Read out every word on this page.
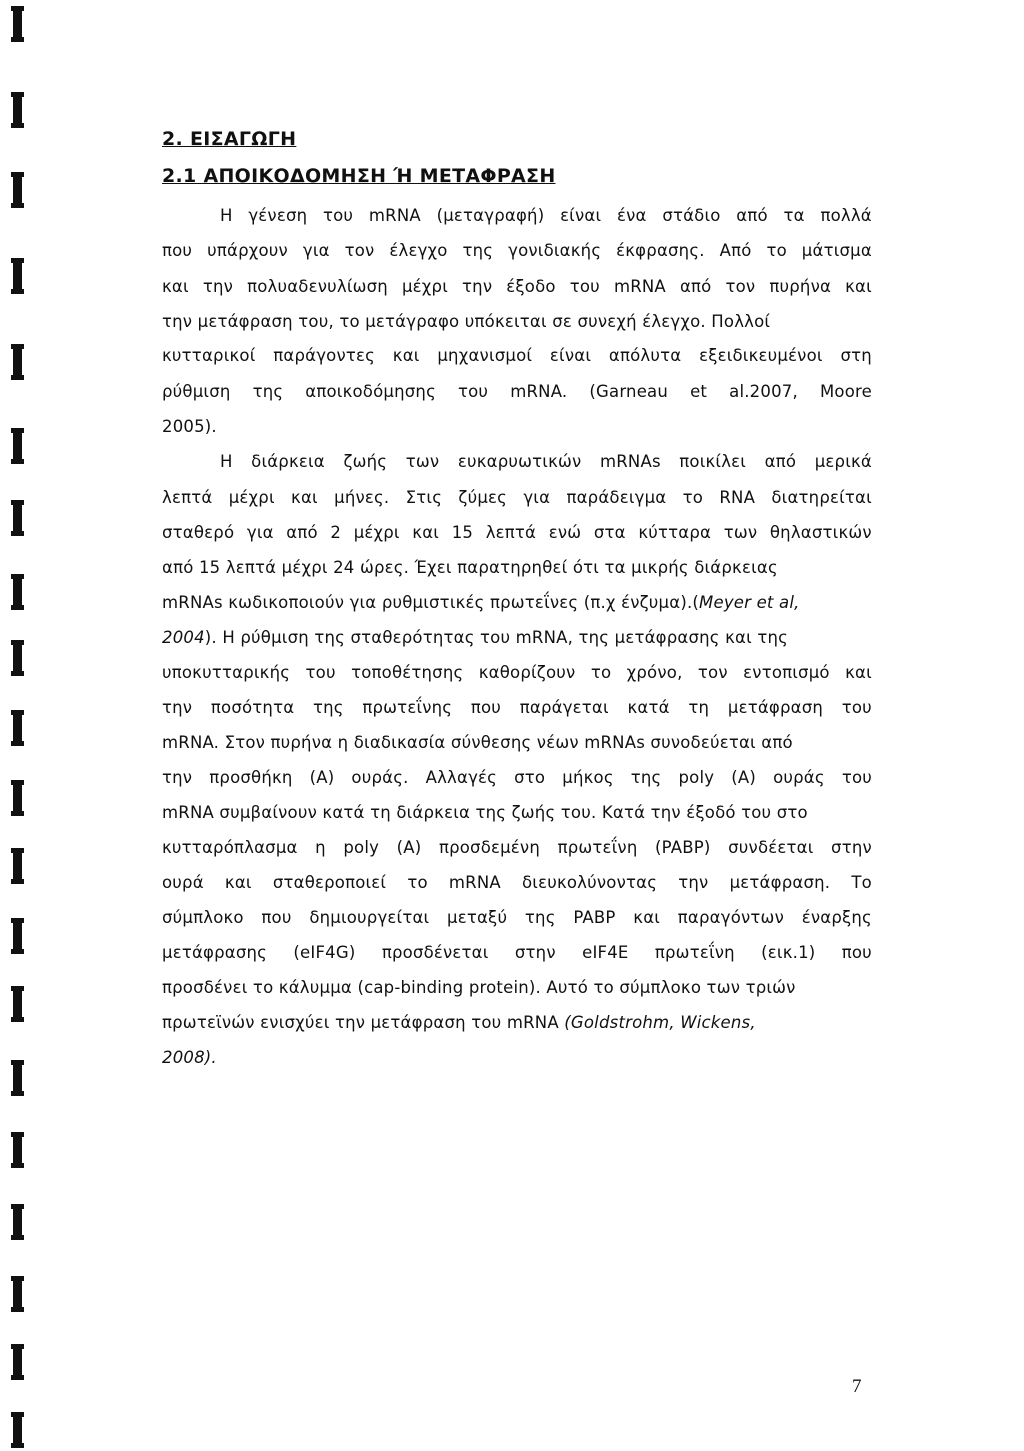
2. ΕΙΣΑΓΩΓΗ
2.1 ΑΠΟΙΚΟΔΟΜΗΣΗ Ή ΜΕΤΑΦΡΑΣΗ
Η γένεση του mRNA (μεταγραφή) είναι ένα στάδιο από τα πολλά
που υπάρχουν για τον έλεγχο της γονιδιακής έκφρασης. Από το μάτισμα
και την πολυαδενυλίωση μέχρι την έξοδο του mRNA από τον πυρήνα και
την μετάφραση του, το μετάγραφο υπόκειται σε συνεχή έλεγχο. Πολλοί
κυτταρικοί παράγοντες και μηχανισμοί είναι απόλυτα εξειδικευμένοι στη
ρύθμιση της αποικοδόμησης του mRNA. (Garneau et al.2007, Moore
2005).
Η διάρκεια ζωής των ευκαρυωτικών mRNAs ποικίλει από μερικά
λεπτά μέχρι και μήνες. Στις ζύμες για παράδειγμα το RNA διατηρείται
σταθερό για από 2 μέχρι και 15 λεπτά ενώ στα κύτταρα των θηλαστικών
από 15 λεπτά μέχρι 24 ώρες. Έχει παρατηρηθεί ότι τα μικρής διάρκειας
mRNAs κωδικοποιούν για ρυθμιστικές πρωτεΐνες (π.χ ένζυμα).(Meyer et al,
2004). Η ρύθμιση της σταθερότητας του mRNA, της μετάφρασης και της
υποκυτταρικής του τοποθέτησης καθορίζουν το χρόνο, τον εντοπισμό και
την ποσότητα της πρωτεΐνης που παράγεται κατά τη μετάφραση του
mRNA. Στον πυρήνα η διαδικασία σύνθεσης νέων mRNAs συνοδεύεται από
την προσθήκη (Α) ουράς. Αλλαγές στο μήκος της poly (A) ουράς του
mRNA συμβαίνουν κατά τη διάρκεια της ζωής του. Κατά την έξοδό του στο
κυτταρόπλασμα η poly (A) προσδεμένη πρωτεΐνη (PABP) συνδέεται στην
ουρά και σταθεροποιεί το mRNA διευκολύνοντας την μετάφραση. Το
σύμπλοκο που δημιουργείται μεταξύ της PABP και παραγόντων έναρξης
μετάφρασης (eIF4G) προσδένεται στην eIF4E πρωτεΐνη (εικ.1) που
προσδένει το κάλυμμα (cap-binding protein). Αυτό το σύμπλοκο των τριών
πρωτεϊνών ενισχύει την μετάφραση του mRNA (Goldstrohm, Wickens,
2008).
7
